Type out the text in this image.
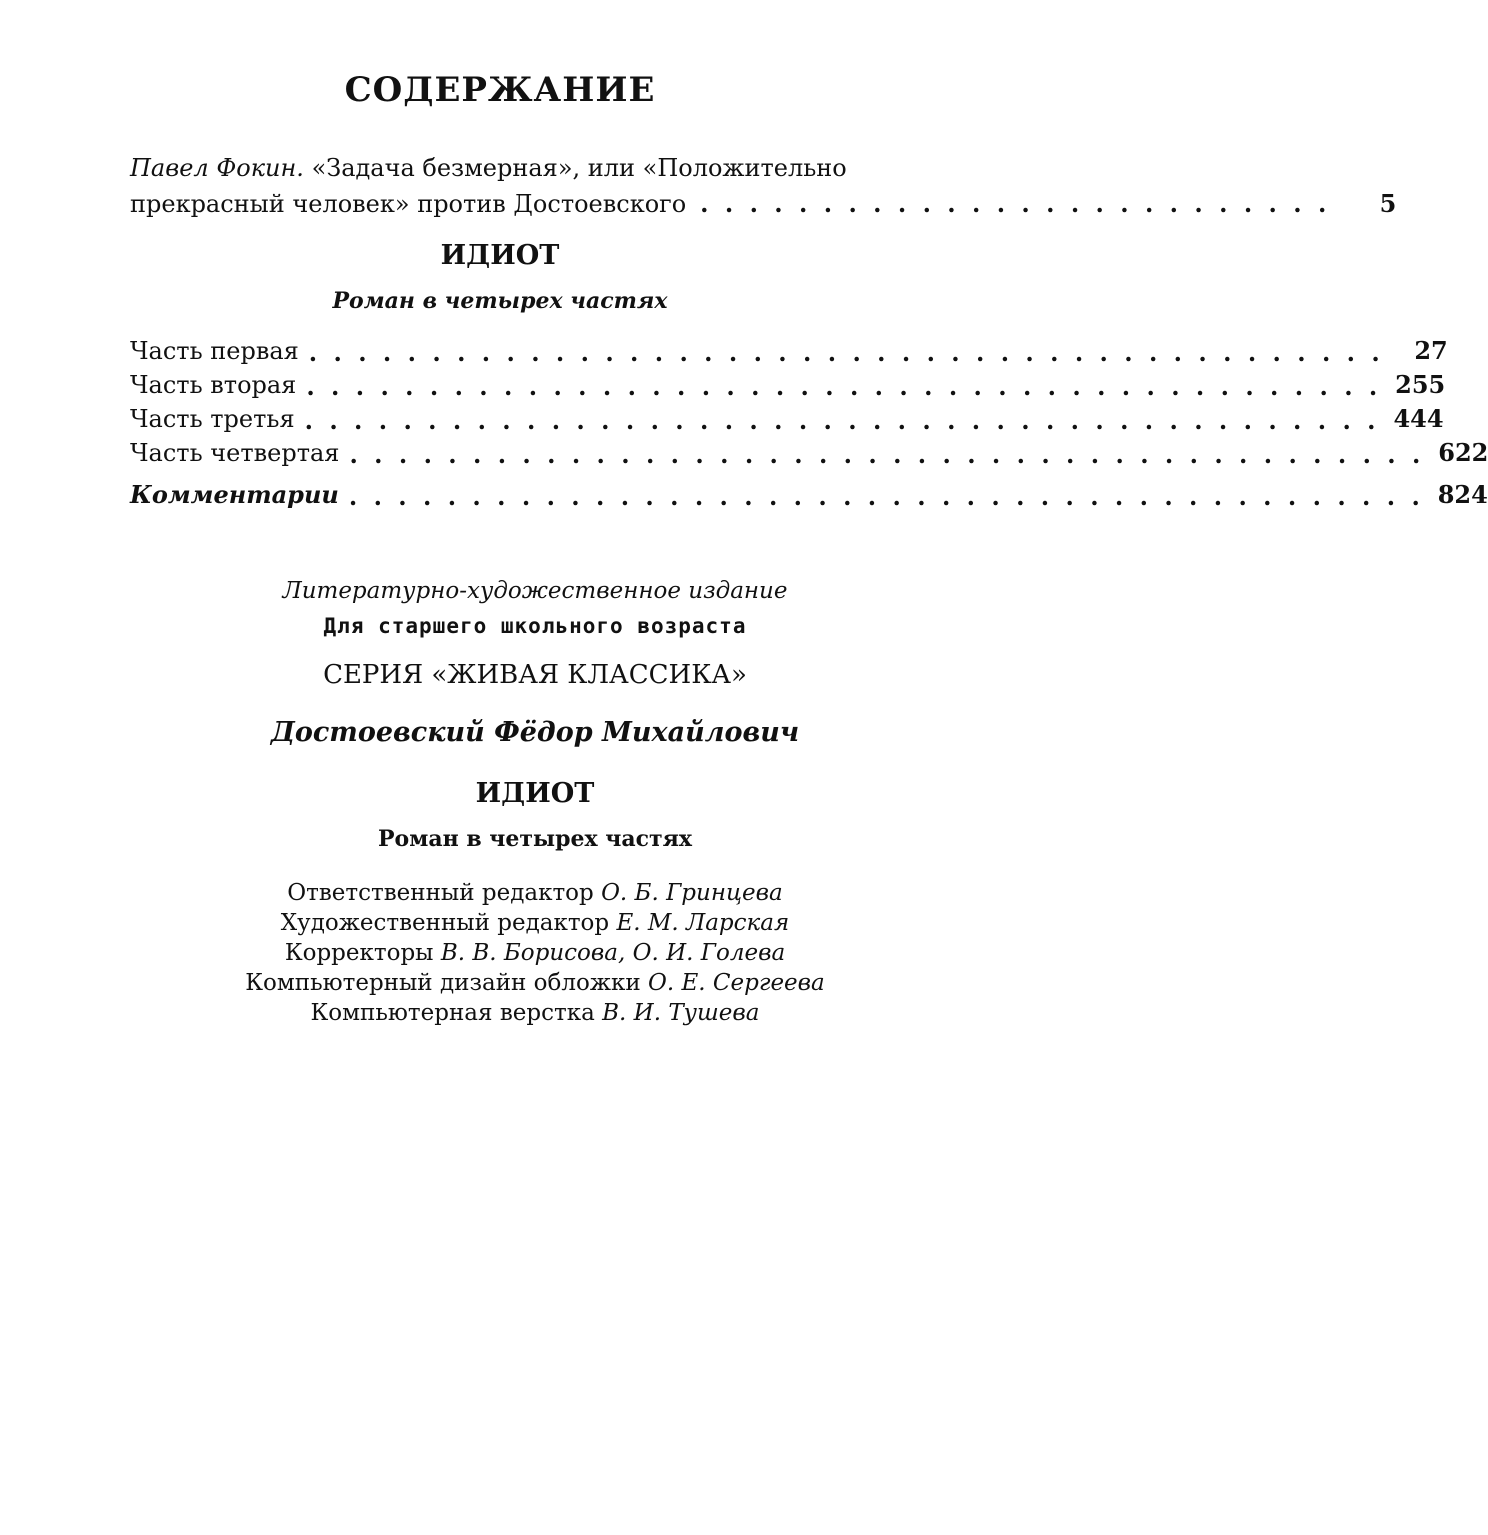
СОДЕРЖАНИЕ
Павел Фокин. «Задача безмерная», или «Положительно
прекрасный человек» против Достоевского . . . . . . . . . . . . . . . . . . . . . . . . . .	5
ИДИОТ
Роман в четырех частях
Часть первая . . . . . . . . . . . . . . . . . . . . . . . . . . . . . . . . . . . . . . . . . . . .	27
Часть вторая . . . . . . . . . . . . . . . . . . . . . . . . . . . . . . . . . . . . . . . . . . . . 255
Часть третья . . . . . . . . . . . . . . . . . . . . . . . . . . . . . . . . . . . . . . . . . . . . 444
Часть четвертая . . . . . . . . . . . . . . . . . . . . . . . . . . . . . . . . . . . . . . . . . . . . 622
Комментарии . . . . . . . . . . . . . . . . . . . . . . . . . . . . . . . . . . . . . . . . . . . . 824
Литературно-художественное издание
Для старшего школьного возраста
СЕРИЯ «ЖИВАЯ КЛАССИКА»
Достоевский Фёдор Михайлович
ИДИОТ
Роман в четырех частях
Ответственный редактор О. Б. Гринцева
Художественный редактор Е. М. Ларская
Корректоры В. В. Борисова, О. И. Голева
Компьютерный дизайн обложки О. Е. Сергеева
Компьютерная верстка В. И. Тушева
